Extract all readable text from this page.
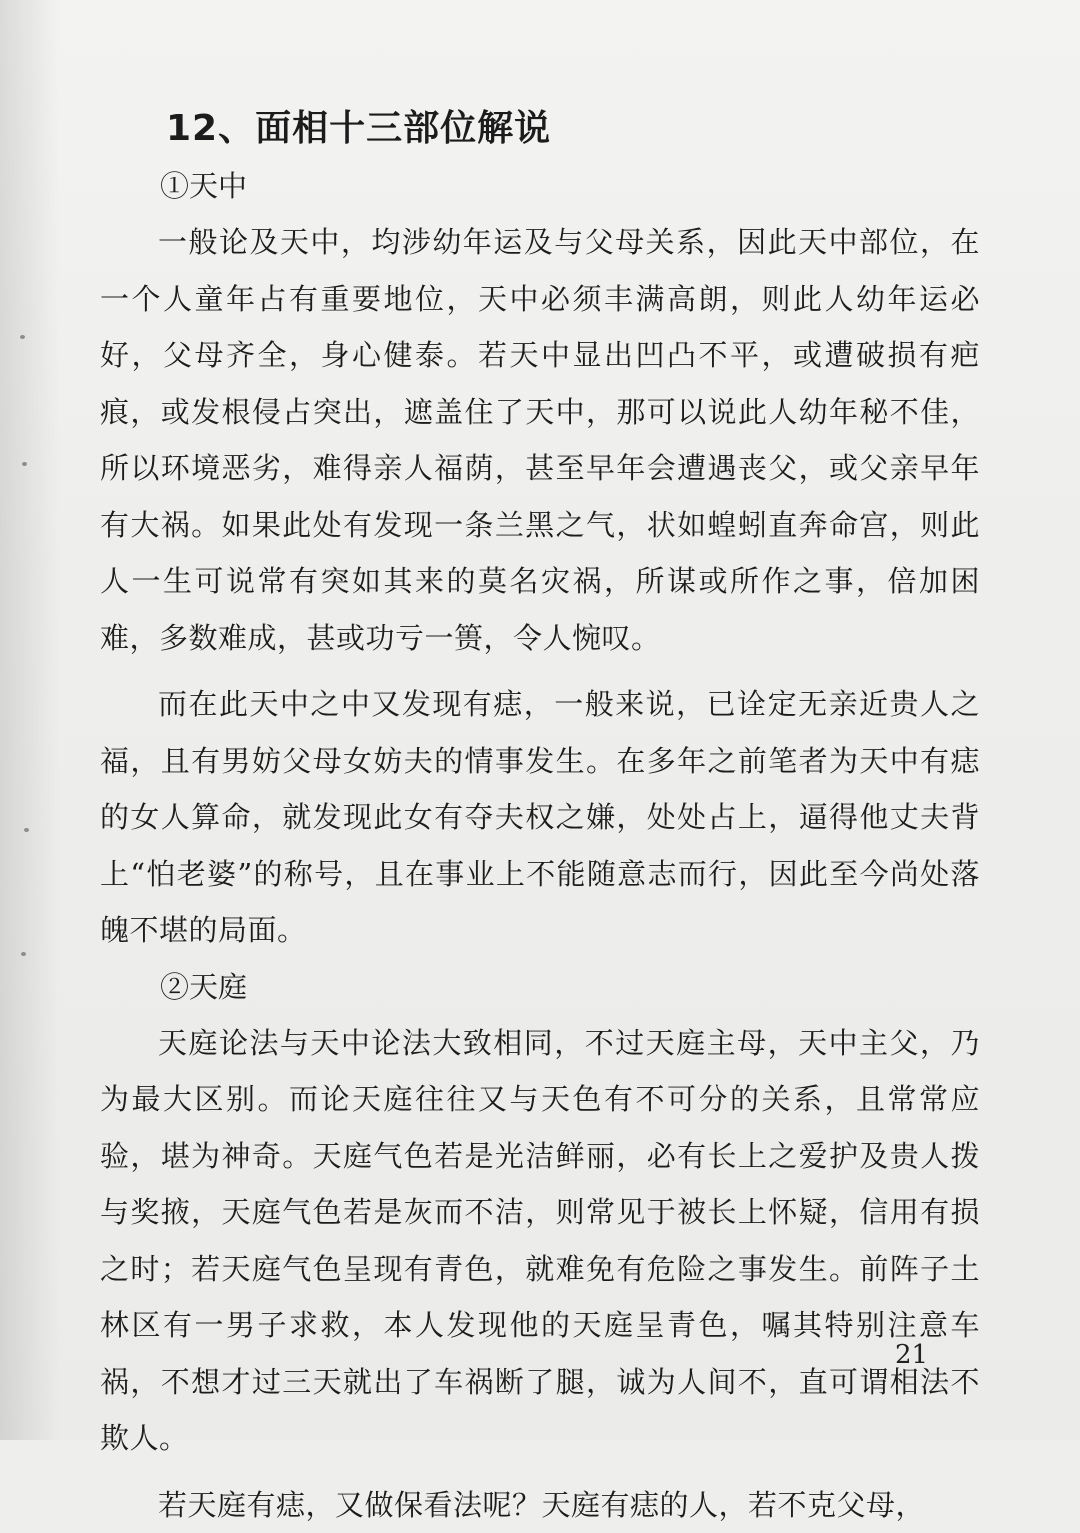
12、面相十三部位解说
①天中

一般论及天中，均涉幼年运及与父母关系，因此天中部位，在一个人童年占有重要地位，天中必须丰满高朗，则此人幼年运必好，父母齐全，身心健泰。若天中显出凹凸不平，或遭破损有疤痕，或发根侵占突出，遮盖住了天中，那可以说此人幼年秘不佳，所以环境恶劣，难得亲人福荫，甚至早年会遭遇丧父，或父亲早年有大祸。如果此处有发现一条兰黑之气，状如蝗蚓直奔命宫，则此人一生可说常有突如其来的莫名灾祸，所谋或所作之事，倍加困难，多数难成，甚或功亏一篑，令人惋叹。

而在此天中之中又发现有痣，一般来说，已诠定无亲近贵人之福，且有男妨父母女妨夫的情事发生。在多年之前笔者为天中有痣的女人算命，就发现此女有夺夫权之嫌，处处占上，逼得他丈夫背上“怕老婆”的称号，且在事业上不能随意志而行，因此至今尚处落魄不堪的局面。

②天庭

天庭论法与天中论法大致相同，不过天庭主母，天中主父，乃为最大区别。而论天庭往往又与天色有不可分的关系，且常常应验，堪为神奇。天庭气色若是光洁鲜丽，必有长上之爱护及贵人拨与奖掖，天庭气色若是灰而不洁，则常见于被长上怀疑，信用有损之时；若天庭气色呈现有青色，就难免有危险之事发生。前阵子土林区有一男子求救，本人发现他的天庭呈青色，嘱其特别注意车祸，不想才过三天就出了车祸断了腿，诚为人间不，直可谓相法不欺人。

若天庭有痣，又做保看法呢？天庭有痣的人，若不克父母，

21
